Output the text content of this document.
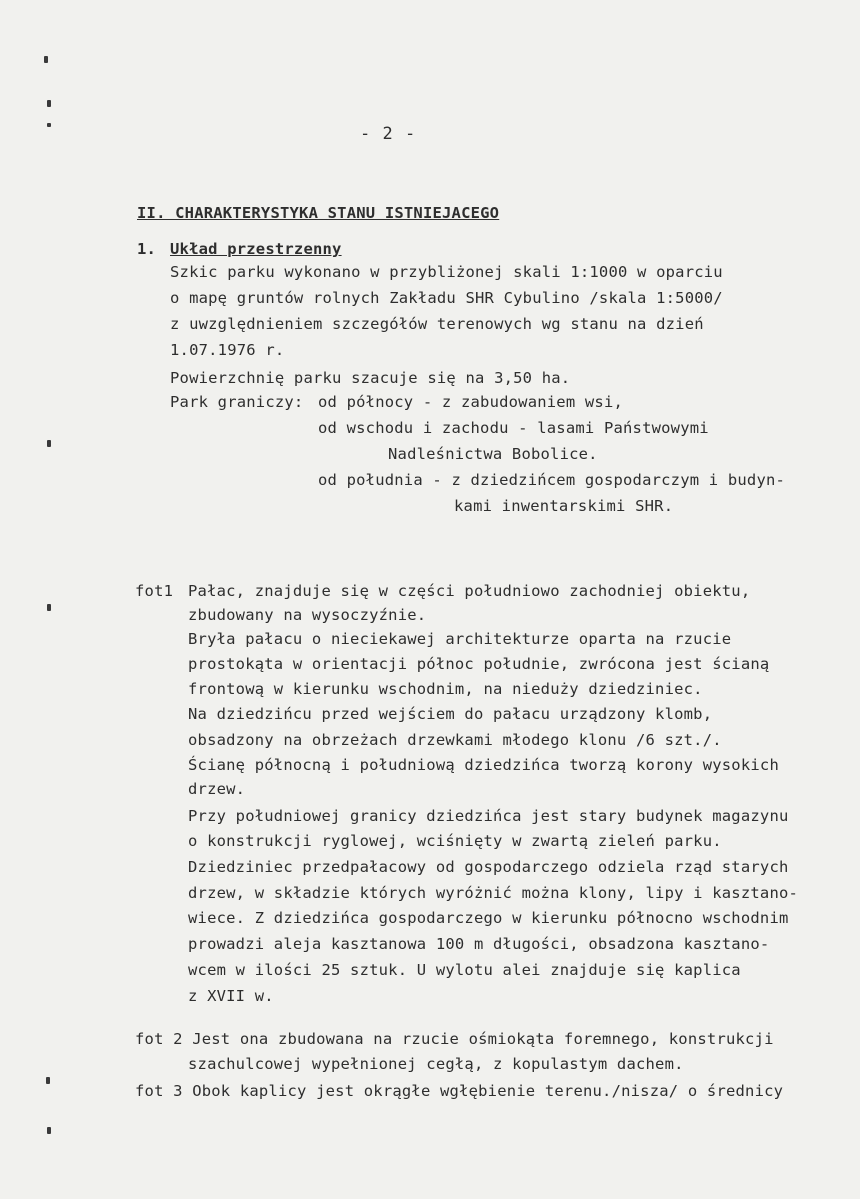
- 2 -
II. CHARAKTERYSTYKA STANU ISTNIEJACEGO
1. Układ przestrzenny
Szkic parku wykonano w przybliżonej skali 1:1000 w oparciu
o mapę gruntów rolnych Zakładu SHR Cybulino /skala 1:5000/
z uwzględnieniem szczegółów terenowych wg stanu na dzień
1.07.1976 r.
Powierzchnię parku szacuje się na 3,50 ha.
Park graniczy: od północy - z zabudowaniem wsi,
od wschodu i zachodu - lasami Państwowymi
Nadleśnictwa Bobolice.
od południa - z dziedzińcem gospodarczym i budyn-
kami inwentarskimi SHR.
fot1 Pałac, znajduje się w części południowo zachodniej obiektu,
zbudowany na wysoczyźnie.
Bryła pałacu o nieciekawej architekturze oparta na rzucie
prostokąta w orientacji północ południe, zwrócona jest ścianą
frontową w kierunku wschodnim, na nieduży dziedziniec.
Na dziedzińcu przed wejściem do pałacu urządzony klomb,
obsadzony na obrzeżach drzewkami młodego klonu /6 szt./.
Ścianę północną i południową dziedzińca tworzą korony wysokich
drzew.
Przy południowej granicy dziedzińca jest stary budynek magazynu
o konstrukcji ryglowej, wciśnięty w zwartą zieleń parku.
Dziedziniec przedpałacowy od gospodarczego odziela rząd starych
drzew, w składzie których wyróżnić można klony, lipy i kasztano-
wiece. Z dziedzińca gospodarczego w kierunku północno wschodnim
prowadzi aleja kasztanowa 100 m długości, obsadzona kasztano-
wcem w ilości 25 sztuk. U wylotu alei znajduje się kaplica
z XVII w.
fot 2 Jest ona zbudowana na rzucie ośmiokąta foremnego, konstrukcji
szachulcowej wypełnionej cegłą, z kopulastym dachem.
fot 3 Obok kaplicy jest okrągłe wgłębienie terenu./nisza/ o średnicy
